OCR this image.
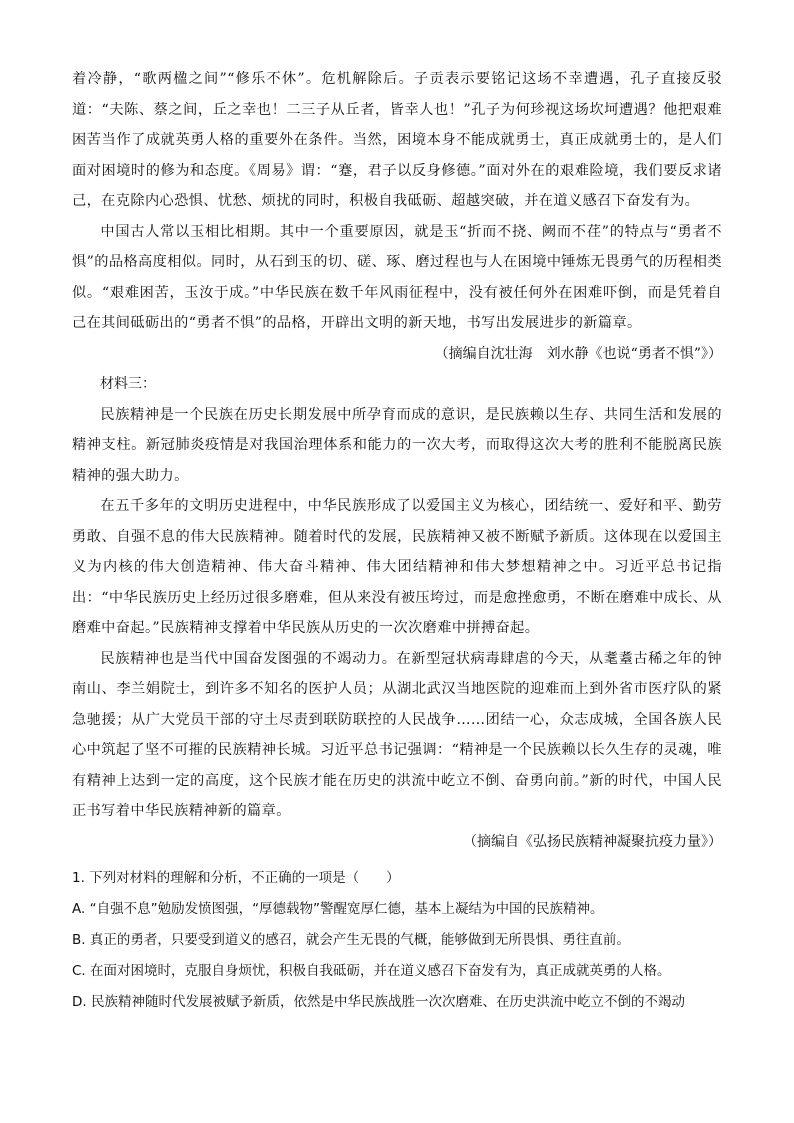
着冷静，“歌两楹之间”“修乐不休”。危机解除后。子贡表示要铭记这场不幸遭遇，孔子直接反驳道：“夫陈、蔡之间，丘之幸也！二三子从丘者，皆幸人也！”孔子为何珍视这场坎坷遭遇？他把艰难困苦当作了成就英勇人格的重要外在条件。当然，困境本身不能成就勇士，真正成就勇士的，是人们面对困境时的修为和态度。《周易》谓：“蹇，君子以反身修德。”面对外在的艰难险境，我们要反求诸己，在克除内心恐惧、忧愁、烦扰的同时，积极自我砥砺、超越突破，并在道义感召下奋发有为。

中国古人常以玉相比相期。其中一个重要原因，就是玉“折而不挠、阙而不荏”的特点与“勇者不惧”的品格高度相似。同时，从石到玉的切、磋、琢、磨过程也与人在困境中锤炼无畏勇气的历程相类似。“艰难困苦，玉汝于成。”中华民族在数千年风雨征程中，没有被任何外在困难吓倒，而是凭着自己在其间砥砺出的“勇者不惧”的品格，开辟出文明的新天地，书写出发展进步的新篇章。

（摘编自沈壮海　刘水静《也说“勇者不惧”》）

材料三：

民族精神是一个民族在历史长期发展中所孕育而成的意识，是民族赖以生存、共同生活和发展的精神支柱。新冠肺炎疫情是对我国治理体系和能力的一次大考，而取得这次大考的胜利不能脱离民族精神的强大助力。

在五千多年的文明历史进程中，中华民族形成了以爱国主义为核心，团结统一、爱好和平、勤劳勇敢、自强不息的伟大民族精神。随着时代的发展，民族精神又被不断赋予新质。这体现在以爱国主义为内核的伟大创造精神、伟大奋斗精神、伟大团结精神和伟大梦想精神之中。习近平总书记指出：“中华民族历史上经历过很多磨难，但从来没有被压垮过，而是愈挫愈勇，不断在磨难中成长、从磨难中奋起。”民族精神支撑着中华民族从历史的一次次磨难中拼搏奋起。

民族精神也是当代中国奋发图强的不竭动力。在新型冠状病毒肆虐的今天，从耄耋古稀之年的钟南山、李兰娟院士，到许多不知名的医护人员；从湖北武汉当地医院的迎难而上到外省市医疗队的紧急驰援；从广大党员干部的守土尽责到联防联控的人民战争……团结一心，众志成城，全国各族人民心中筑起了坚不可摧的民族精神长城。习近平总书记强调：“精神是一个民族赖以长久生存的灵魂，唯有精神上达到一定的高度，这个民族才能在历史的洪流中屹立不倒、奋勇向前。”新的时代，中国人民正书写着中华民族精神新的篇章。

（摘编自《弘扬民族精神凝聚抗疫力量》）

1. 下列对材料的理解和分析，不正确的一项是（　　）

A. “自强不息”勉励发愤图强，“厚德载物”警醒宽厚仁德，基本上凝结为中国的民族精神。

B. 真正的勇者，只要受到道义的感召，就会产生无畏的气概，能够做到无所畏惧、勇往直前。

C. 在面对困境时，克服自身烦忧，积极自我砥砺，并在道义感召下奋发有为，真正成就英勇的人格。

D. 民族精神随时代发展被赋予新质，依然是中华民族战胜一次次磨难、在历史洪流中屹立不倒的不竭动
